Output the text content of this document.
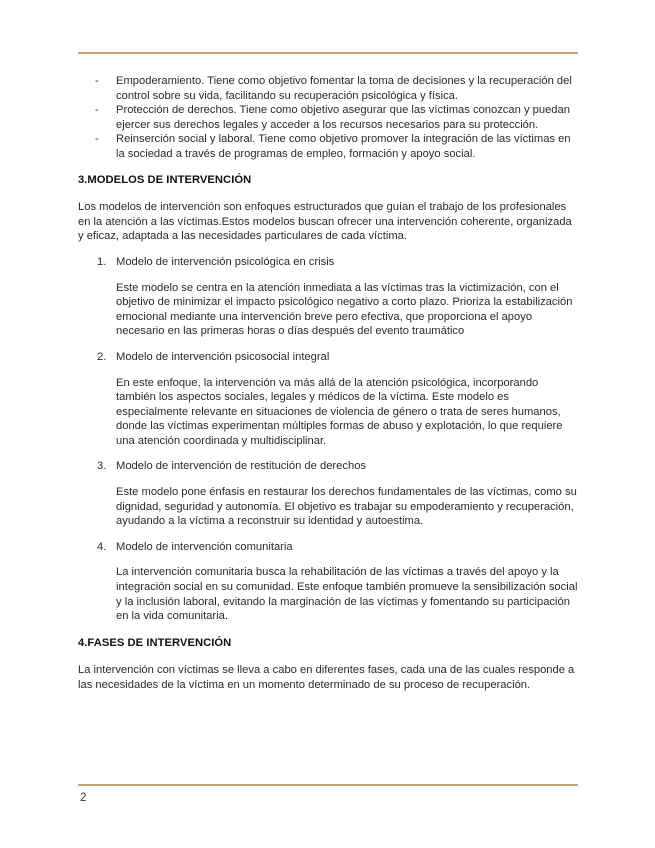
- Empoderamiento. Tiene como objetivo fomentar la toma de decisiones y la recuperación del control sobre su vida, facilitando su recuperación psicológica y física.
- Protección de derechos. Tiene como objetivo asegurar que las víctimas conozcan y puedan ejercer sus derechos legales y acceder a los recursos necesarios para su protección.
- Reinserción social y laboral. Tiene como objetivo promover la integración de las víctimas en la sociedad a través de programas de empleo, formación y apoyo social.
3.MODELOS DE INTERVENCIÓN

Los modelos de intervención son enfoques estructurados que guían el trabajo de los profesionales en la atención a las víctimas.Estos modelos buscan ofrecer una intervención coherente, organizada y eficaz, adaptada a las necesidades particulares de cada víctima.

1. Modelo de intervención psicológica en crisis

Este modelo se centra en la atención inmediata a las víctimas tras la victimización, con el objetivo de minimizar el impacto psicológico negativo a corto plazo. Prioriza la estabilización emocional mediante una intervención breve pero efectiva, que proporciona el apoyo necesario en las primeras horas o días después del evento traumático

2. Modelo de intervención psicosocial integral

En este enfoque, la intervención va más allá de la atención psicológica, incorporando también los aspectos sociales, legales y médicos de la víctima. Este modelo es especialmente relevante en situaciones de violencia de género o trata de seres humanos, donde las víctimas experimentan múltiples formas de abuso y explotación, lo que requiere una atención coordinada y multidisciplinar.

3. Modelo de intervención de restitución de derechos

Este modelo pone énfasis en restaurar los derechos fundamentales de las víctimas, como su dignidad, seguridad y autonomía. El objetivo es trabajar su empoderamiento y recuperación, ayudando a la víctima a reconstruir su identidad y autoestima.

4. Modelo de intervención comunitaria

La intervención comunitaria busca la rehabilitación de las víctimas a través del apoyo y la integración social en su comunidad. Este enfoque también promueve la sensibilización social y la inclusión laboral, evitando la marginación de las víctimas y fomentando su participación en la vida comunitaria.

4.FASES DE INTERVENCIÓN

La intervención con víctimas se lleva a cabo en diferentes fases, cada una de las cuales responde a las necesidades de la víctima en un momento determinado de su proceso de recuperación.

2
